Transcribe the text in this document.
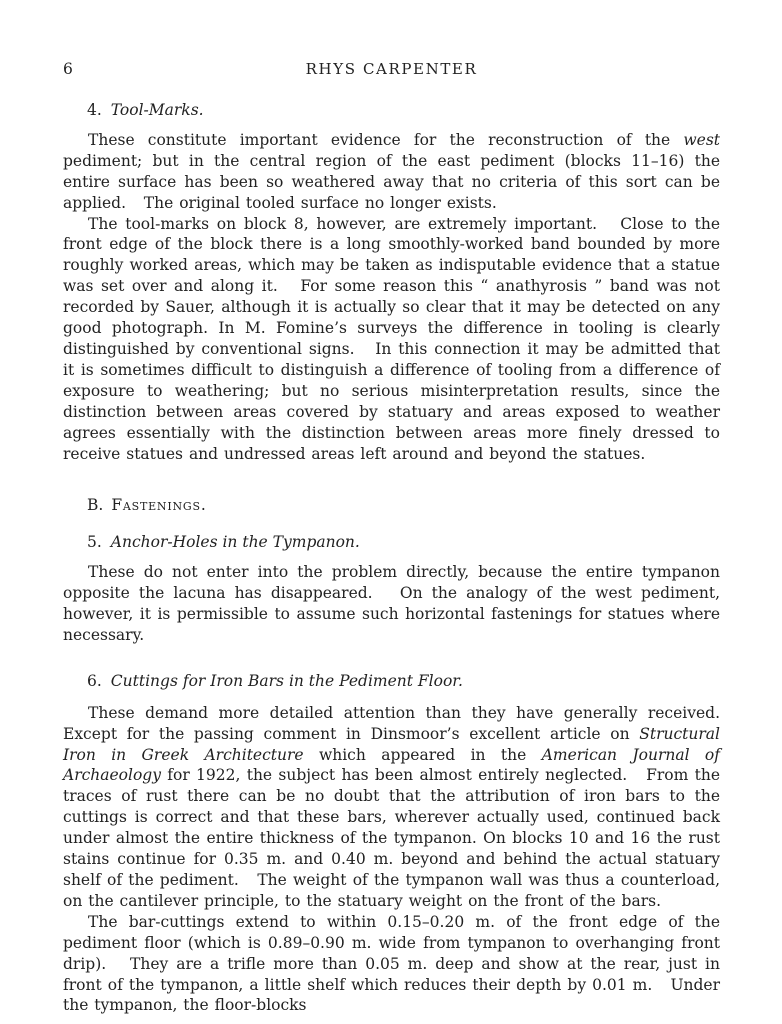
6	RHYS CARPENTER
4. Tool-Marks.

These constitute important evidence for the reconstruction of the west pediment; but in the central region of the east pediment (blocks 11–16) the entire surface has been so weathered away that no criteria of this sort can be applied.   The original tooled surface no longer exists.

The tool-marks on block 8, however, are extremely important.   Close to the front edge of the block there is a long smoothly-worked band bounded by more roughly worked areas, which may be taken as indisputable evidence that a statue was set over and along it.   For some reason this “ anathyrosis ” band was not recorded by Sauer, although it is actually so clear that it may be detected on any good photograph. In M. Fomine’s surveys the difference in tooling is clearly distinguished by conventional signs.   In this connection it may be admitted that it is sometimes difficult to distinguish a difference of tooling from a difference of exposure to weathering; but no serious misinterpretation results, since the distinction between areas covered by statuary and areas exposed to weather agrees essentially with the distinction between areas more finely dressed to receive statues and undressed areas left around and beyond the statues.

B. Fastenings.
5. Anchor-Holes in the Tympanon.

These do not enter into the problem directly, because the entire tympanon opposite the lacuna has disappeared.   On the analogy of the west pediment, however, it is permissible to assume such horizontal fastenings for statues where necessary.

6. Cuttings for Iron Bars in the Pediment Floor.

These demand more detailed attention than they have generally received.   Except for the passing comment in Dinsmoor’s excellent article on Structural Iron in Greek Architecture which appeared in the American Journal of Archaeology for 1922, the subject has been almost entirely neglected.   From the traces of rust there can be no doubt that the attribution of iron bars to the cuttings is correct and that these bars, wherever actually used, continued back under almost the entire thickness of the tympanon. On blocks 10 and 16 the rust stains continue for 0.35 m. and 0.40 m. beyond and behind the actual statuary shelf of the pediment.   The weight of the tympanon wall was thus a counterload, on the cantilever principle, to the statuary weight on the front of the bars.

The bar-cuttings extend to within 0.15–0.20 m. of the front edge of the pediment floor (which is 0.89–0.90 m. wide from tympanon to overhanging front drip).   They are a trifle more than 0.05 m. deep and show at the rear, just in front of the tympanon, a little shelf which reduces their depth by 0.01 m.   Under the tympanon, the floor-blocks
